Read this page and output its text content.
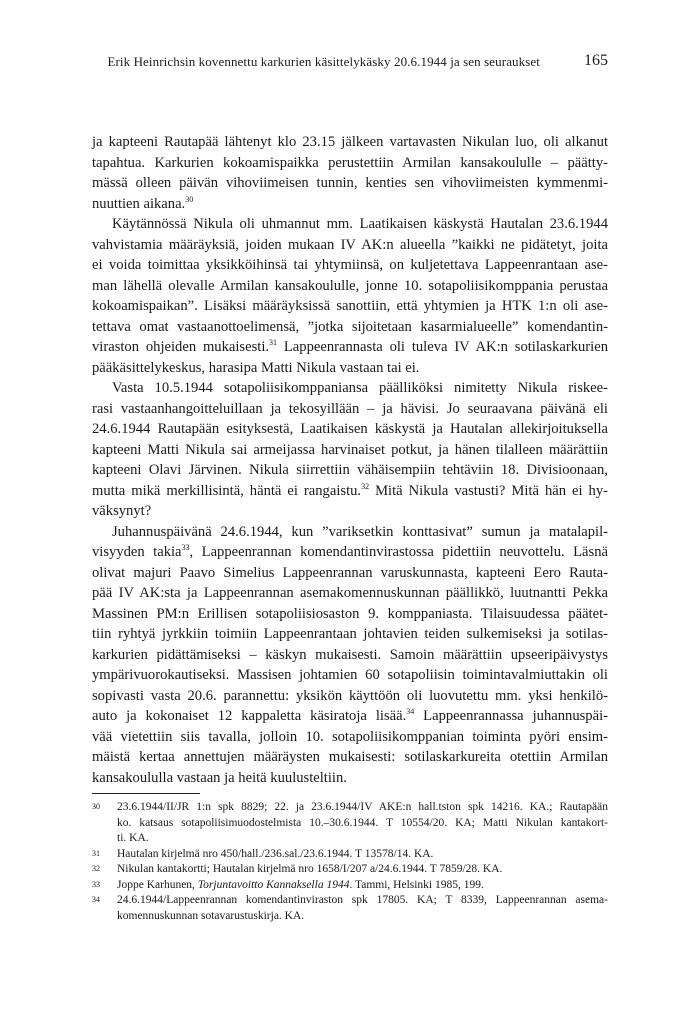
Erik Heinrichsin kovennettu karkurien käsittelykäsky 20.6.1944 ja sen seuraukset	165
ja kapteeni Rautapää lähtenyt klo 23.15 jälkeen vartavasten Nikulan luo, oli alkanut
tapahtua. Karkurien kokoamispaikka perustettiin Armilan kansakoululle – päätty-
mässä olleen päivän vihoviimeisen tunnin, kenties sen vihoviimeisten kymmenmi-
nuuttien aikana.$^{30}$
Käytännössä Nikula oli uhmannut mm. Laatikaisen käskystä Hautalan 23.6.1944
vahvistamia määräyksiä, joiden mukaan IV AK:n alueella ”kaikki ne pidätetyt, joita
ei voida toimittaa yksikköihinsä tai yhtymiinsä, on kuljetettava Lappeenrantaan ase-
man lähellä olevalle Armilan kansakoululle, jonne 10. sotapoliisikomppania perustaa
kokoamispaikan”. Lisäksi määräyksissä sanottiin, että yhtymien ja HTK 1:n oli ase-
tettava omat vastaanottoelimensä, ”jotka sijoitetaan kasarmialueelle” komendantin-
viraston ohjeiden mukaisesti.$^{31}$ Lappeenrannasta oli tuleva IV AK:n sotilaskarkurien
pääkäsittelykeskus, harasipa Matti Nikula vastaan tai ei.
Vasta 10.5.1944 sotapoliisikomppaniansa päälliköksi nimitetty Nikula riskee-
rasi vastaanhangoitteluillaan ja tekosyillään – ja hävisi. Jo seuraavana päivänä eli
24.6.1944 Rautapään esityksestä, Laatikaisen käskystä ja Hautalan allekirjoituksella
kapteeni Matti Nikula sai armeijassa harvinaiset potkut, ja hänen tilalleen määrättiin
kapteeni Olavi Järvinen. Nikula siirrettiin vähäisempiin tehtäviin 18. Divisioonaan,
mutta mikä merkillisintä, häntä ei rangaistu.$^{32}$ Mitä Nikula vastusti? Mitä hän ei hy-
väksynyt?
Juhannuspäivänä 24.6.1944, kun ”variksetkin konttasivat” sumun ja matalapil-
visyyden takia$^{33}$, Lappeenrannan komendantinvirastossa pidettiin neuvottelu. Läsnä
olivat majuri Paavo Simelius Lappeenrannan varuskunnasta, kapteeni Eero Rauta-
pää IV AK:sta ja Lappeenrannan asemakomennuskunnan päällikkö, luutnantti Pekka
Massinen PM:n Erillisen sotapoliisiosaston 9. komppaniasta. Tilaisuudessa päätet-
tiin ryhtyä jyrkkiin toimiin Lappeenrantaan johtavien teiden sulkemiseksi ja sotilas-
karkurien pidättämiseksi – käskyn mukaisesti. Samoin määrättiin upseeripäivystys
ympärivuorokautiseksi. Massisen johtamien 60 sotapoliisin toimintavalmiuttakin oli
sopivasti vasta 20.6. parannettu: yksikön käyttöön oli luovutettu mm. yksi henkilö-
auto ja kokonaiset 12 kappaletta käsiratoja lisää.$^{34}$ Lappeenrannassa juhannuspäi-
vää vietettiin siis tavalla, jolloin 10. sotapoliisikomppanian toiminta pyöri ensim-
mäistä kertaa annettujen määräysten mukaisesti: sotilaskarkureita otettiin Armilan
kansakoululla vastaan ja heitä kuulusteltiin.
30 23.6.1944/II/JR 1:n spk 8829; 22. ja 23.6.1944/IV AKE:n hall.tston spk 14216. KA.; Rautapään
ko. katsaus sotapoliisimuodostelmista 10.–30.6.1944. T 10554/20. KA; Matti Nikulan kantakort-
ti. KA.
31 Hautalan kirjelmä nro 450/hall./236.sal./23.6.1944. T 13578/14. KA.
32 Nikulan kantakortti; Hautalan kirjelmä nro 1658/I/207 a/24.6.1944. T 7859/28. KA.
33 Joppe Karhunen, Torjuntavoitto Kannaksella 1944. Tammi, Helsinki 1985, 199.
34 24.6.1944/Lappeenrannan komendantinviraston spk 17805. KA; T 8339, Lappeenrannan asema-
komennuskunnan sotavarustuskirja. KA.
